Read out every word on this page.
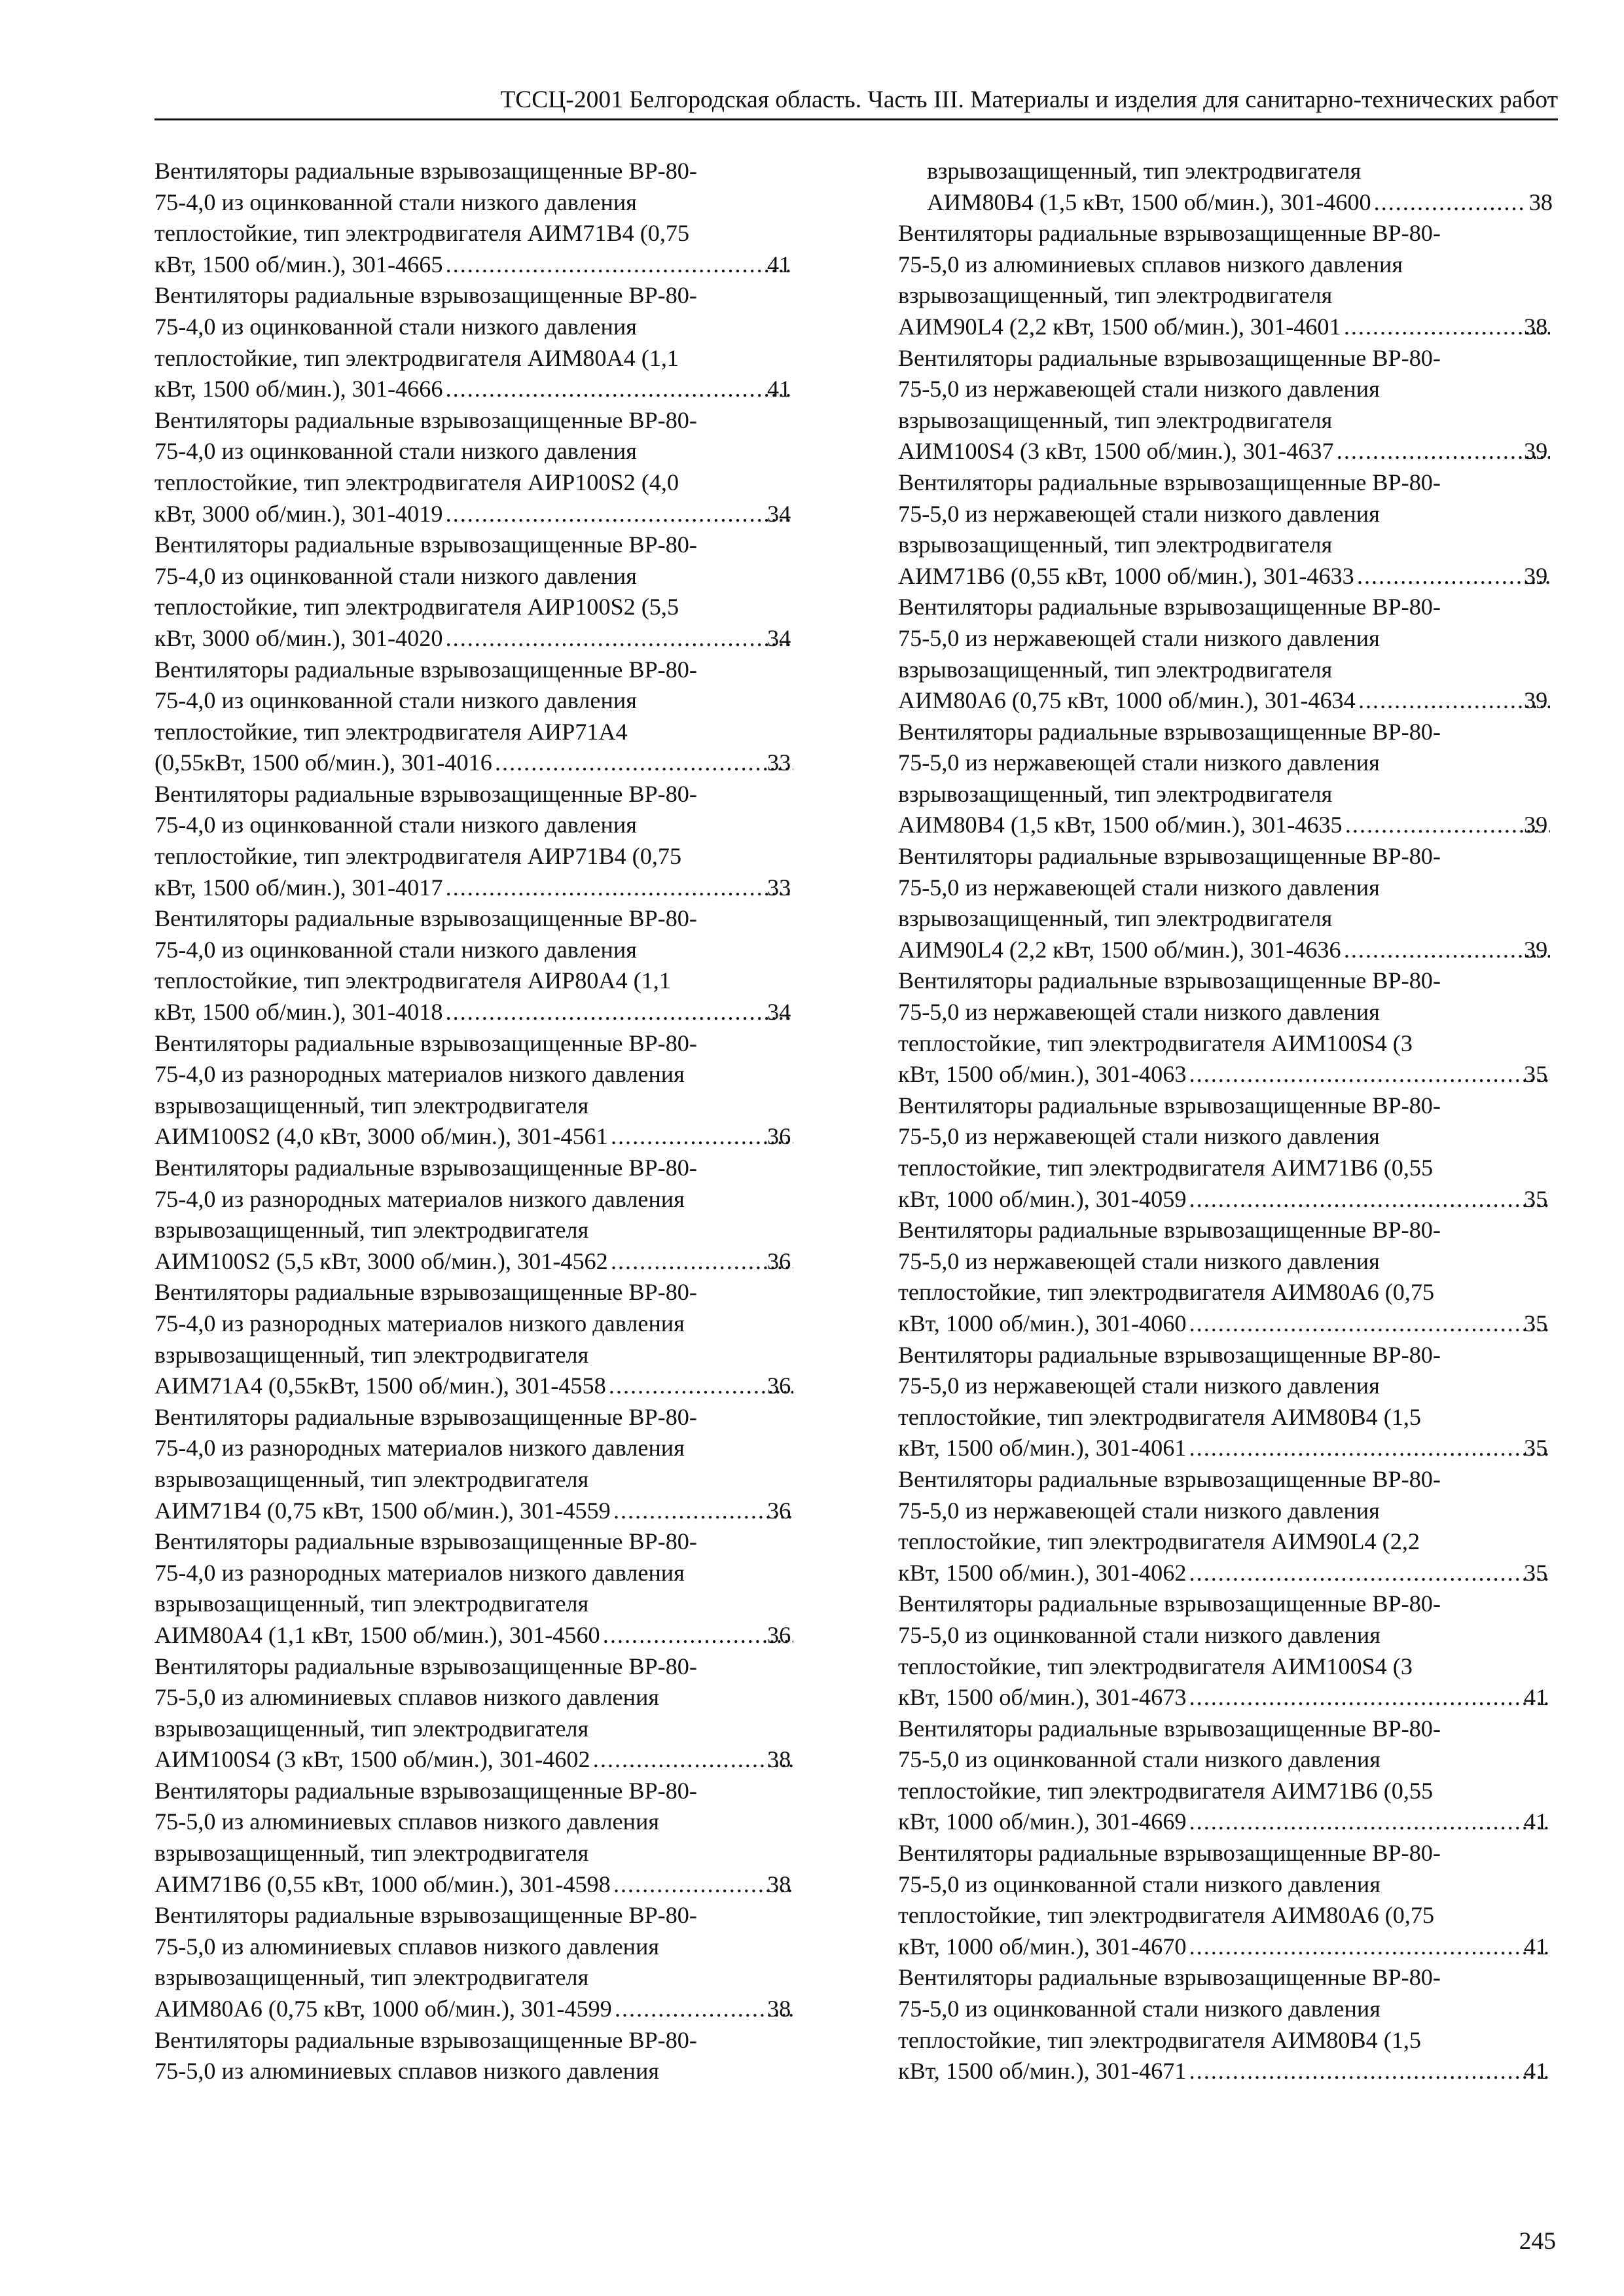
ТССЦ-2001 Белгородская область. Часть III. Материалы и изделия для санитарно-технических работ
Вентиляторы радиальные взрывозащищенные ВР-80-
75-4,0 из оцинкованной стали низкого давления
теплостойкие, тип электродвигателя АИМ71В4 (0,75
кВт, 1500 об/мин.), 301-4665 .....	41
Вентиляторы радиальные взрывозащищенные ВР-80-
75-4,0 из оцинкованной стали низкого давления
теплостойкие, тип электродвигателя АИМ80А4 (1,1
кВт, 1500 об/мин.), 301-4666 .....	41
Вентиляторы радиальные взрывозащищенные ВР-80-
75-4,0 из оцинкованной стали низкого давления
теплостойкие, тип электродвигателя АИР100S2 (4,0
кВт, 3000 об/мин.), 301-4019 .....	34
Вентиляторы радиальные взрывозащищенные ВР-80-
75-4,0 из оцинкованной стали низкого давления
теплостойкие, тип электродвигателя АИР100S2 (5,5
кВт, 3000 об/мин.), 301-4020 .....	34
Вентиляторы радиальные взрывозащищенные ВР-80-
75-4,0 из оцинкованной стали низкого давления
теплостойкие, тип электродвигателя АИР71А4
(0,55кВт, 1500 об/мин.), 301-4016 .....	33
Вентиляторы радиальные взрывозащищенные ВР-80-
75-4,0 из оцинкованной стали низкого давления
теплостойкие, тип электродвигателя АИР71В4 (0,75
кВт, 1500 об/мин.), 301-4017 .....	33
Вентиляторы радиальные взрывозащищенные ВР-80-
75-4,0 из оцинкованной стали низкого давления
теплостойкие, тип электродвигателя АИР80А4 (1,1
кВт, 1500 об/мин.), 301-4018 .....	34
Вентиляторы радиальные взрывозащищенные ВР-80-
75-4,0 из разнородных материалов низкого давления
взрывозащищенный, тип электродвигателя
АИМ100S2 (4,0 кВт, 3000 об/мин.), 301-4561 .....	36
Вентиляторы радиальные взрывозащищенные ВР-80-
75-4,0 из разнородных материалов низкого давления
взрывозащищенный, тип электродвигателя
АИМ100S2 (5,5 кВт, 3000 об/мин.), 301-4562 .....	36
Вентиляторы радиальные взрывозащищенные ВР-80-
75-4,0 из разнородных материалов низкого давления
взрывозащищенный, тип электродвигателя
АИМ71А4 (0,55кВт, 1500 об/мин.), 301-4558 .....	36
Вентиляторы радиальные взрывозащищенные ВР-80-
75-4,0 из разнородных материалов низкого давления
взрывозащищенный, тип электродвигателя
АИМ71В4 (0,75 кВт, 1500 об/мин.), 301-4559 .....	36
Вентиляторы радиальные взрывозащищенные ВР-80-
75-4,0 из разнородных материалов низкого давления
взрывозащищенный, тип электродвигателя
АИМ80А4 (1,1 кВт, 1500 об/мин.), 301-4560 .....	36
Вентиляторы радиальные взрывозащищенные ВР-80-
75-5,0 из алюминиевых сплавов низкого давления
взрывозащищенный, тип электродвигателя
АИМ100S4 (3 кВт, 1500 об/мин.), 301-4602 .....	38
Вентиляторы радиальные взрывозащищенные ВР-80-
75-5,0 из алюминиевых сплавов низкого давления
взрывозащищенный, тип электродвигателя
АИМ71В6 (0,55 кВт, 1000 об/мин.), 301-4598 .....	38
Вентиляторы радиальные взрывозащищенные ВР-80-
75-5,0 из алюминиевых сплавов низкого давления
взрывозащищенный, тип электродвигателя
АИМ80А6 (0,75 кВт, 1000 об/мин.), 301-4599 .....	38
Вентиляторы радиальные взрывозащищенные ВР-80-
75-5,0 из алюминиевых сплавов низкого давления
взрывозащищенный, тип электродвигателя
АИМ80В4 (1,5 кВт, 1500 об/мин.), 301-4600 .....	38
Вентиляторы радиальные взрывозащищенные ВР-80-
75-5,0 из алюминиевых сплавов низкого давления
взрывозащищенный, тип электродвигателя
АИМ90L4 (2,2 кВт, 1500 об/мин.), 301-4601 .....	38
Вентиляторы радиальные взрывозащищенные ВР-80-
75-5,0 из нержавеющей стали низкого давления
взрывозащищенный, тип электродвигателя
АИМ100S4 (3 кВт, 1500 об/мин.), 301-4637 .....	39
Вентиляторы радиальные взрывозащищенные ВР-80-
75-5,0 из нержавеющей стали низкого давления
взрывозащищенный, тип электродвигателя
АИМ71В6 (0,55 кВт, 1000 об/мин.), 301-4633 .....	39
Вентиляторы радиальные взрывозащищенные ВР-80-
75-5,0 из нержавеющей стали низкого давления
взрывозащищенный, тип электродвигателя
АИМ80А6 (0,75 кВт, 1000 об/мин.), 301-4634 .....	39
Вентиляторы радиальные взрывозащищенные ВР-80-
75-5,0 из нержавеющей стали низкого давления
взрывозащищенный, тип электродвигателя
АИМ80В4 (1,5 кВт, 1500 об/мин.), 301-4635 .....	39
Вентиляторы радиальные взрывозащищенные ВР-80-
75-5,0 из нержавеющей стали низкого давления
взрывозащищенный, тип электродвигателя
АИМ90L4 (2,2 кВт, 1500 об/мин.), 301-4636 .....	39
Вентиляторы радиальные взрывозащищенные ВР-80-
75-5,0 из нержавеющей стали низкого давления
теплостойкие, тип электродвигателя АИМ100S4 (3
кВт, 1500 об/мин.), 301-4063 .....	35
Вентиляторы радиальные взрывозащищенные ВР-80-
75-5,0 из нержавеющей стали низкого давления
теплостойкие, тип электродвигателя АИМ71В6 (0,55
кВт, 1000 об/мин.), 301-4059 .....	35
Вентиляторы радиальные взрывозащищенные ВР-80-
75-5,0 из нержавеющей стали низкого давления
теплостойкие, тип электродвигателя АИМ80А6 (0,75
кВт, 1000 об/мин.), 301-4060 .....	35
Вентиляторы радиальные взрывозащищенные ВР-80-
75-5,0 из нержавеющей стали низкого давления
теплостойкие, тип электродвигателя АИМ80В4 (1,5
кВт, 1500 об/мин.), 301-4061 .....	35
Вентиляторы радиальные взрывозащищенные ВР-80-
75-5,0 из нержавеющей стали низкого давления
теплостойкие, тип электродвигателя АИМ90L4 (2,2
кВт, 1500 об/мин.), 301-4062 .....	35
Вентиляторы радиальные взрывозащищенные ВР-80-
75-5,0 из оцинкованной стали низкого давления
теплостойкие, тип электродвигателя АИМ100S4 (3
кВт, 1500 об/мин.), 301-4673 .....	41
Вентиляторы радиальные взрывозащищенные ВР-80-
75-5,0 из оцинкованной стали низкого давления
теплостойкие, тип электродвигателя АИМ71В6 (0,55
кВт, 1000 об/мин.), 301-4669 .....	41
Вентиляторы радиальные взрывозащищенные ВР-80-
75-5,0 из оцинкованной стали низкого давления
теплостойкие, тип электродвигателя АИМ80А6 (0,75
кВт, 1000 об/мин.), 301-4670 .....	41
Вентиляторы радиальные взрывозащищенные ВР-80-
75-5,0 из оцинкованной стали низкого давления
теплостойкие, тип электродвигателя АИМ80В4 (1,5
кВт, 1500 об/мин.), 301-4671 .....	41
245
